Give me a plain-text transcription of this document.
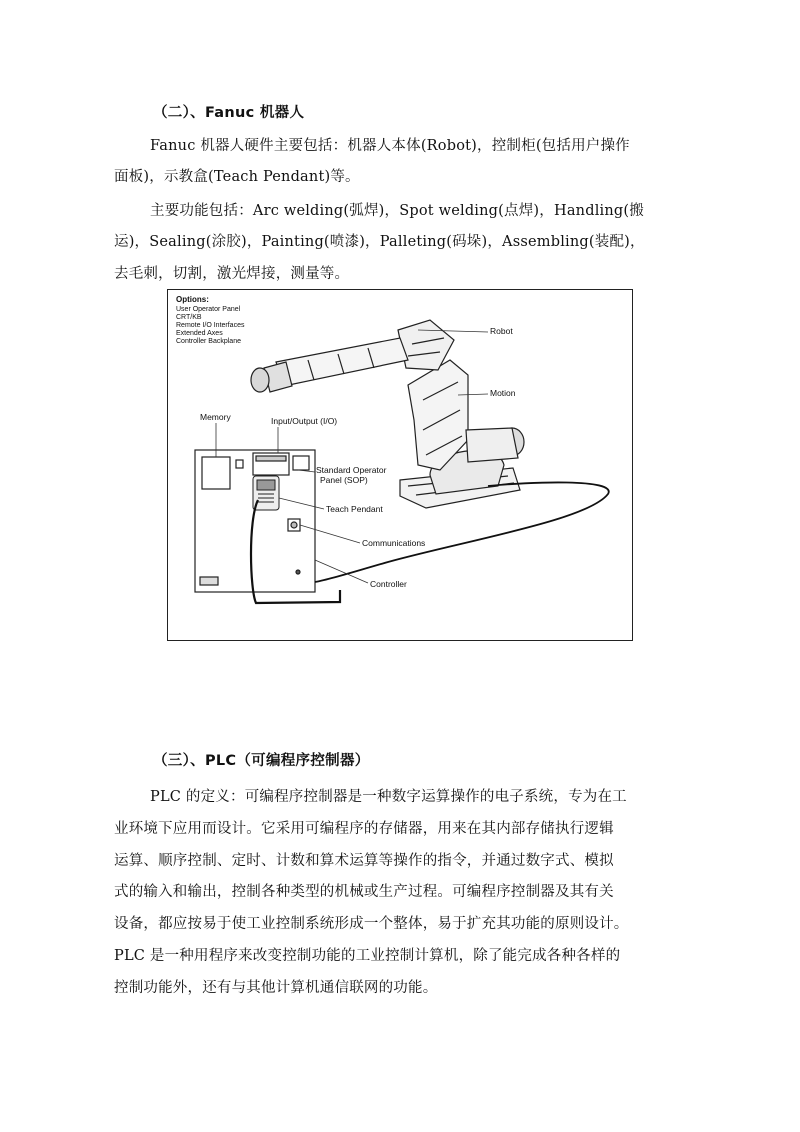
（二）、Fanuc 机器人
Fanuc 机器人硬件主要包括：机器人本体(Robot)，控制柜(包括用户操作
面板)，示教盒(Teach Pendant)等。
主要功能包括：Arc welding(弧焊)，Spot welding(点焊)，Handling(搬
运)，Sealing(涂胶)，Painting(喷漆)，Palleting(码垛)，Assembling(装配)，
去毛刺，切割，激光焊接，测量等。
Options:
User Operator Panel
CRT/KB
Remote I/O Interfaces
Extended Axes
Controller Backplane
Robot
Motion
Memory	Input/Output (I/O)
Standard Operator
Panel (SOP)
Teach Pendant
Communications
Controller
（三）、PLC（可编程序控制器）
PLC 的定义：可编程序控制器是一种数字运算操作的电子系统，专为在工
业环境下应用而设计。它采用可编程序的存储器，用来在其内部存储执行逻辑
运算、顺序控制、定时、计数和算术运算等操作的指令，并通过数字式、模拟
式的输入和输出，控制各种类型的机械或生产过程。可编程序控制器及其有关
设备，都应按易于使工业控制系统形成一个整体，易于扩充其功能的原则设计。
PLC 是一种用程序来改变控制功能的工业控制计算机，除了能完成各种各样的
控制功能外，还有与其他计算机通信联网的功能。
